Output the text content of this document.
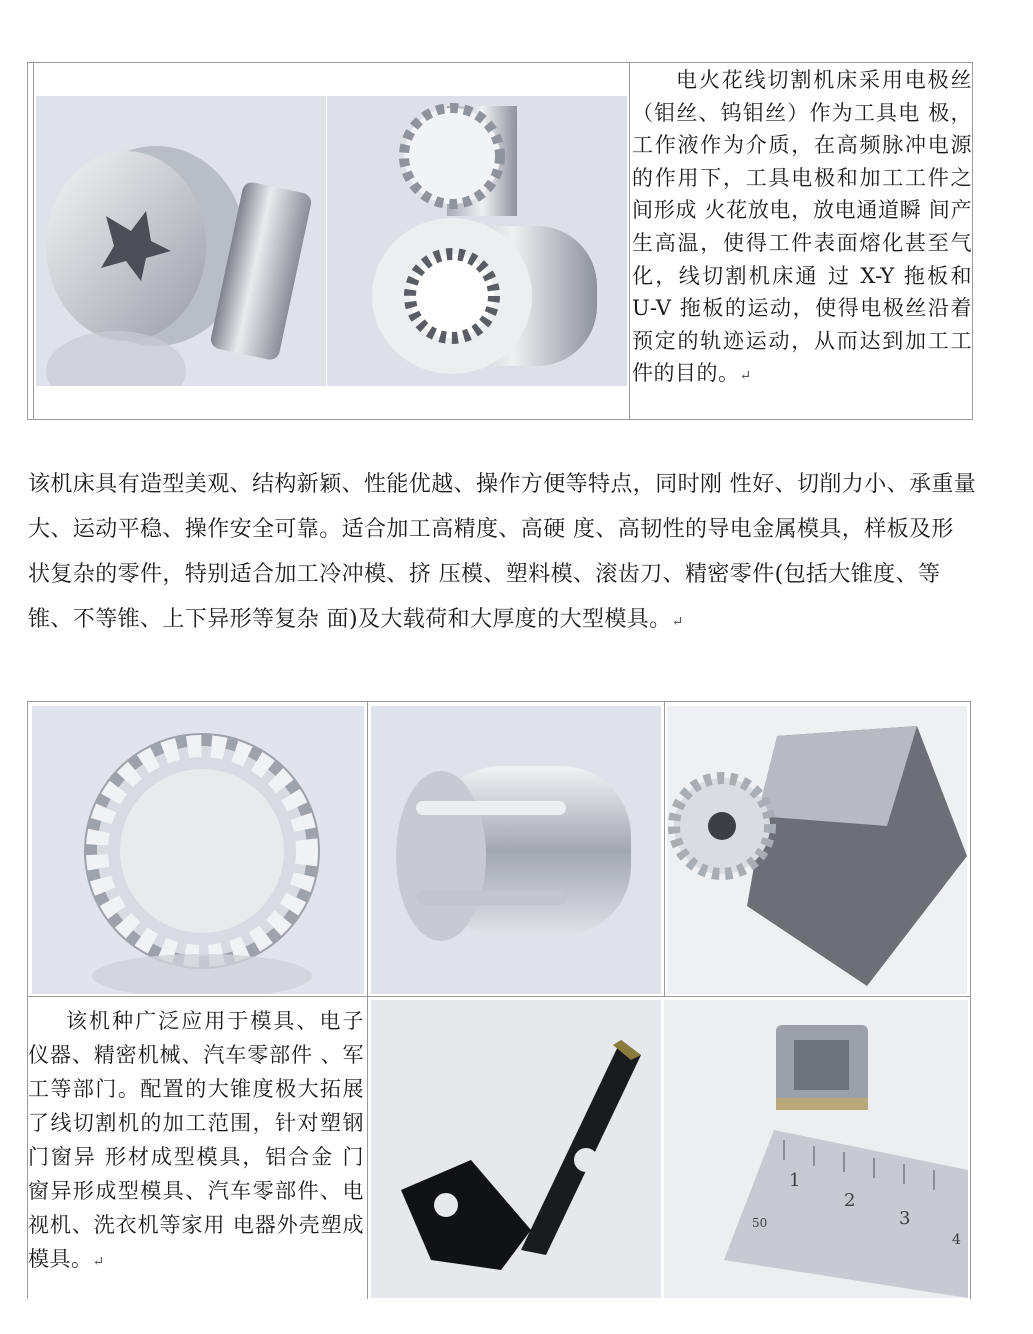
电火花线切割机床采用电极丝（钼丝、钨钼丝）作为工具电 极，工作液作为介质，在高频脉冲电源的作用下，工具电极和加工工件之间形成 火花放电，放电通道瞬 间产生高温，使得工件表面熔化甚至气化，线切割机床通 过 X-Y 拖板和 U-V 拖板的运动，使得电极丝沿着预定的轨迹运动，从而达到加工工 件的目的。↵
该机床具有造型美观、结构新颖、性能优越、操作方便等特点，同时刚 性好、切削力小、承重量大、运动平稳、操作安全可靠。适合加工高精度、高硬 度、高韧性的导电金属模具，样板及形 状复杂的零件，特别适合加工冷冲模、挤 压模、塑料模、滚齿刀、精密零件(包括大锥度、等锥、不等锥、上下异形等复杂 面)及大载荷和大厚度的大型模具。↵
该机种广泛应用于模具、电子仪器、精密机械、汽车零部件 、军工等部门。配置的大锥度极大拓展了线切割机的加工范围，针对塑钢门窗异 形材成型模具，铝合金 门窗异形成型模具、汽车零部件、电视机、洗衣机等家用 电器外壳塑成模具。↵
1
2
3
4
50
